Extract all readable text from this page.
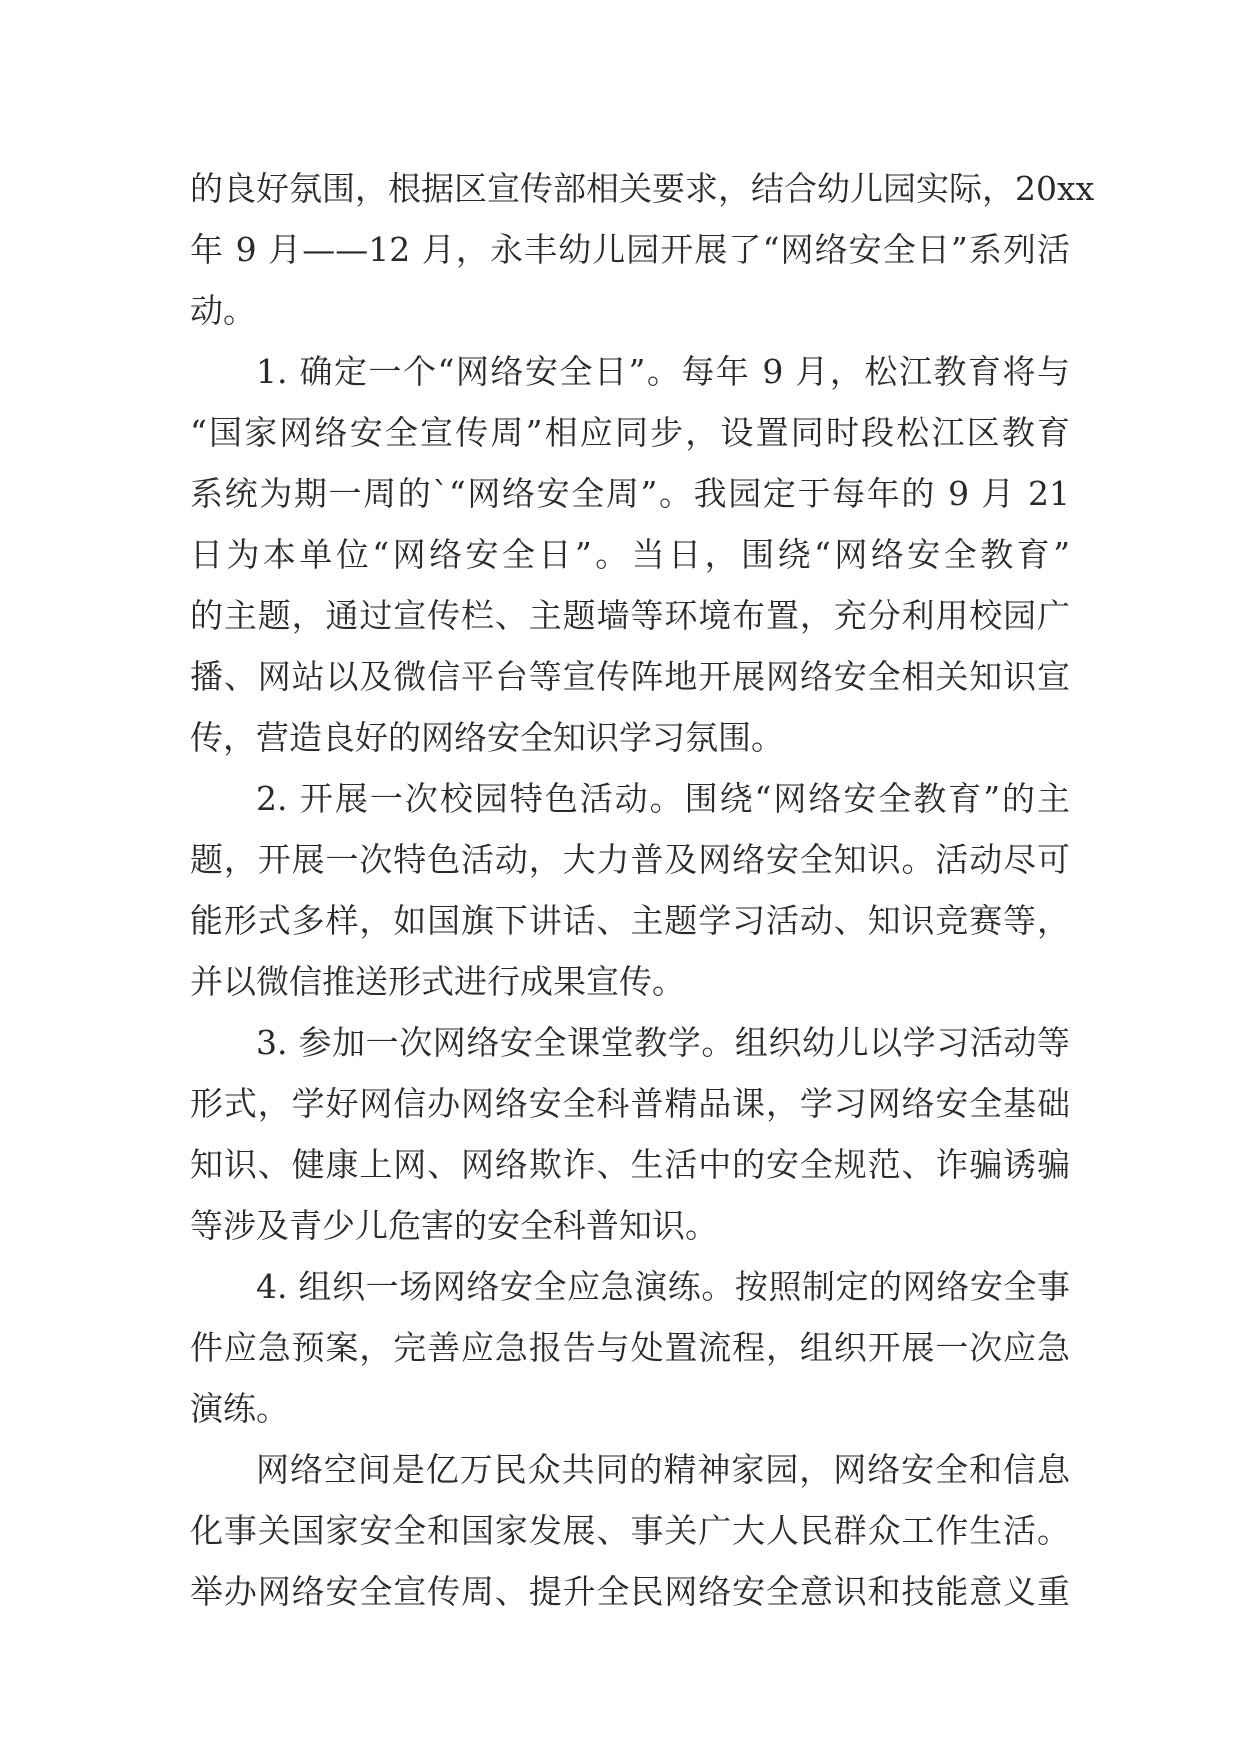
的良好氛围，根据区宣传部相关要求，结合幼儿园实际，20xx
年 9 月——12 月，永丰幼儿园开展了“网络安全日”系列活
动。
1. 确定一个“网络安全日”。每年 9 月，松江教育将与
“国家网络安全宣传周”相应同步，设置同时段松江区教育
系统为期一周的`“网络安全周”。我园定于每年的 9 月 21
日为本单位“网络安全日”。当日，围绕“网络安全教育”
的主题，通过宣传栏、主题墙等环境布置，充分利用校园广
播、网站以及微信平台等宣传阵地开展网络安全相关知识宣
传，营造良好的网络安全知识学习氛围。
2. 开展一次校园特色活动。围绕“网络安全教育”的主
题，开展一次特色活动，大力普及网络安全知识。活动尽可
能形式多样，如国旗下讲话、主题学习活动、知识竞赛等，
并以微信推送形式进行成果宣传。
3. 参加一次网络安全课堂教学。组织幼儿以学习活动等
形式，学好网信办网络安全科普精品课，学习网络安全基础
知识、健康上网、网络欺诈、生活中的安全规范、诈骗诱骗
等涉及青少儿危害的安全科普知识。
4. 组织一场网络安全应急演练。按照制定的网络安全事
件应急预案，完善应急报告与处置流程，组织开展一次应急
演练。
网络空间是亿万民众共同的精神家园，网络安全和信息
化事关国家安全和国家发展、事关广大人民群众工作生活。
举办网络安全宣传周、提升全民网络安全意识和技能意义重
